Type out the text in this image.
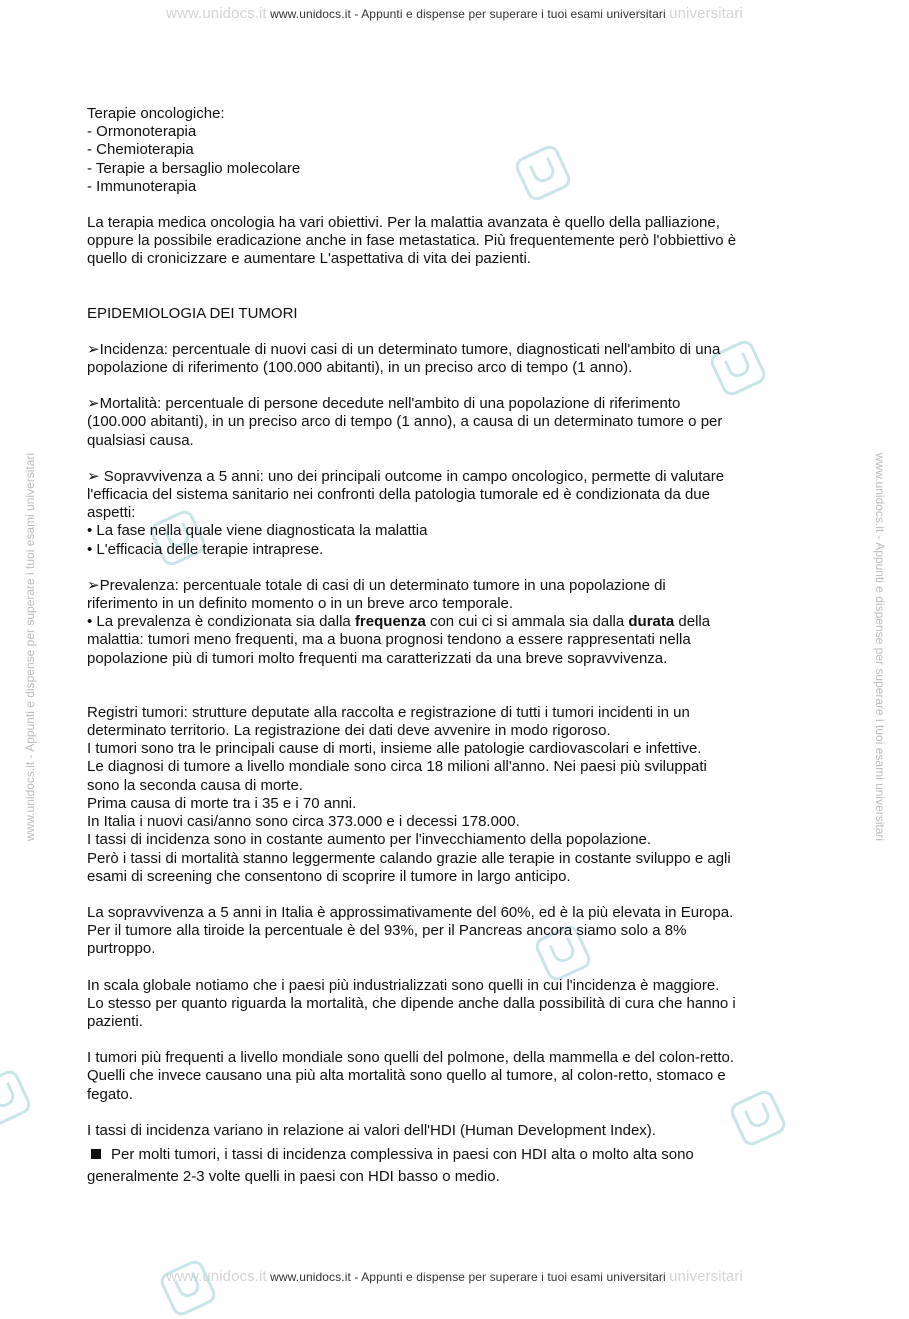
www.unidocs.it www.unidocs.it - Appunti e dispense per superare i tuoi esami universitari universitari
www.unidocs.it www.unidocs.it - Appunti e dispense per superare i tuoi esami universitari universitari
www.unidocs.it - Appunti e dispense per superare i tuoi esami universitari	www.unidocs.it - Appunti e dispense per superare i tuoi esami universitari

Terapie oncologiche:

- Ormonoterapia

- Chemioterapia

- Terapie a bersaglio molecolare

- Immunoterapia

La terapia medica oncologia ha vari obiettivi. Per la malattia avanzata è quello della palliazione,

oppure la possibile eradicazione anche in fase metastatica. Più frequentemente però l'obbiettivo è

quello di cronicizzare e aumentare L'aspettativa di vita dei pazienti.

EPIDEMIOLOGIA DEI TUMORI

➢Incidenza: percentuale di nuovi casi di un determinato tumore, diagnosticati nell'ambito di una

popolazione di riferimento (100.000 abitanti), in un preciso arco di tempo (1 anno).

➢Mortalità: percentuale di persone decedute nell'ambito di una popolazione di riferimento

(100.000 abitanti), in un preciso arco di tempo (1 anno), a causa di un determinato tumore o per

qualsiasi causa.

➢ Sopravvivenza a 5 anni: uno dei principali outcome in campo oncologico, permette di valutare

l'efficacia del sistema sanitario nei confronti della patologia tumorale ed è condizionata da due

aspetti:

• La fase nella quale viene diagnosticata la malattia

• L'efficacia delle terapie intraprese.

➢Prevalenza: percentuale totale di casi di un determinato tumore in una popolazione di

riferimento in un definito momento o in un breve arco temporale.

• La prevalenza è condizionata sia dalla frequenza con cui ci si ammala sia dalla durata della

malattia: tumori meno frequenti, ma a buona prognosi tendono a essere rappresentati nella

popolazione più di tumori molto frequenti ma caratterizzati da una breve sopravvivenza.

Registri tumori: strutture deputate alla raccolta e registrazione di tutti i tumori incidenti in un

determinato territorio. La registrazione dei dati deve avvenire in modo rigoroso.

I tumori sono tra le principali cause di morti, insieme alle patologie cardiovascolari e infettive.

Le diagnosi di tumore a livello mondiale sono circa 18 milioni all'anno. Nei paesi più sviluppati

sono la seconda causa di morte.

Prima causa di morte tra i 35 e i 70 anni.

In Italia i nuovi casi/anno sono circa 373.000 e i decessi 178.000.

I tassi di incidenza sono in costante aumento per l'invecchiamento della popolazione.

Però i tassi di mortalità stanno leggermente calando grazie alle terapie in costante sviluppo e agli

esami di screening che consentono di scoprire il tumore in largo anticipo.

La sopravvivenza a 5 anni in Italia è approssimativamente del 60%, ed è la più elevata in Europa.

Per il tumore alla tiroide la percentuale è del 93%, per il Pancreas ancora siamo solo a 8%

purtroppo.

In scala globale notiamo che i paesi più industrializzati sono quelli in cui l'incidenza è maggiore.

Lo stesso per quanto riguarda la mortalità, che dipende anche dalla possibilità di cura che hanno i

pazienti.

I tumori più frequenti a livello mondiale sono quelli del polmone, della mammella e del colon-retto.

Quelli che invece causano una più alta mortalità sono quello al tumore, al colon-retto, stomaco e

fegato.

I tassi di incidenza variano in relazione ai valori dell'HDI (Human Development Index).

Per molti tumori, i tassi di incidenza complessiva in paesi con HDI alta o molto alta sono

generalmente 2-3 volte quelli in paesi con HDI basso o medio.
